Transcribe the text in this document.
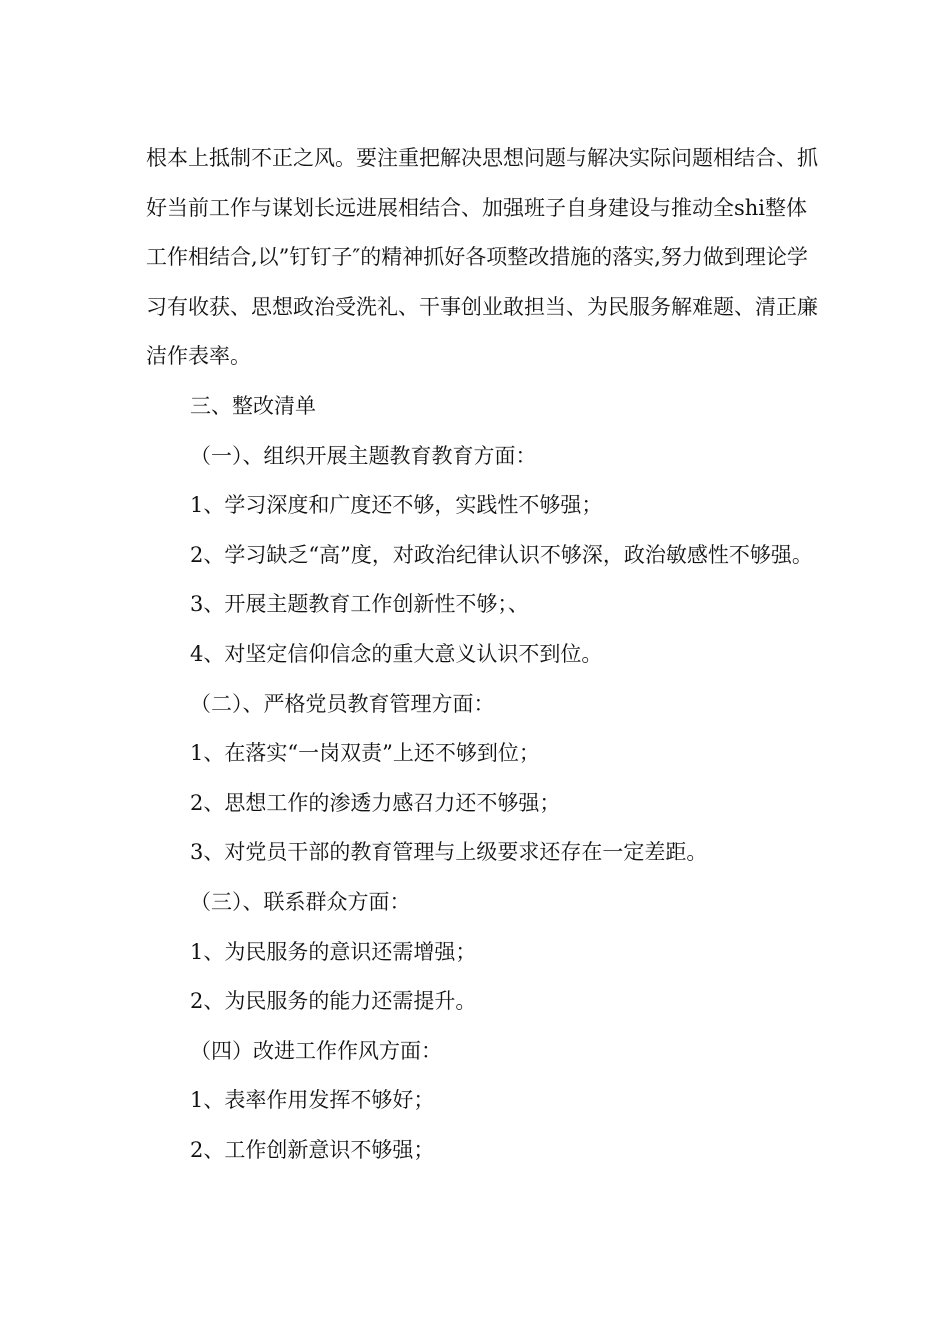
根本上抵制不正之风。要注重把解决思想问题与解决实际问题相结合、抓好当前工作与谋划长远进展相结合、加强班子自身建设与推动全shi整体工作相结合,以”钉钉子″的精神抓好各项整改措施的落实,努力做到理论学习有收获、思想政治受洗礼、干事创业敢担当、为民服务解难题、清正廉洁作表率。

三、整改清单

（一）、组织开展主题教育教育方面：

1、学习深度和广度还不够，实践性不够强；

2、学习缺乏“高”度，对政治纪律认识不够深，政治敏感性不够强。

3、开展主题教育工作创新性不够；、

4、对坚定信仰信念的重大意义认识不到位。

（二）、严格党员教育管理方面：

1、在落实“一岗双责”上还不够到位；

2、思想工作的渗透力感召力还不够强；

3、对党员干部的教育管理与上级要求还存在一定差距。

（三）、联系群众方面：

1、为民服务的意识还需增强；

2、为民服务的能力还需提升。

（四）改进工作作风方面：

1、表率作用发挥不够好；

2、工作创新意识不够强；
